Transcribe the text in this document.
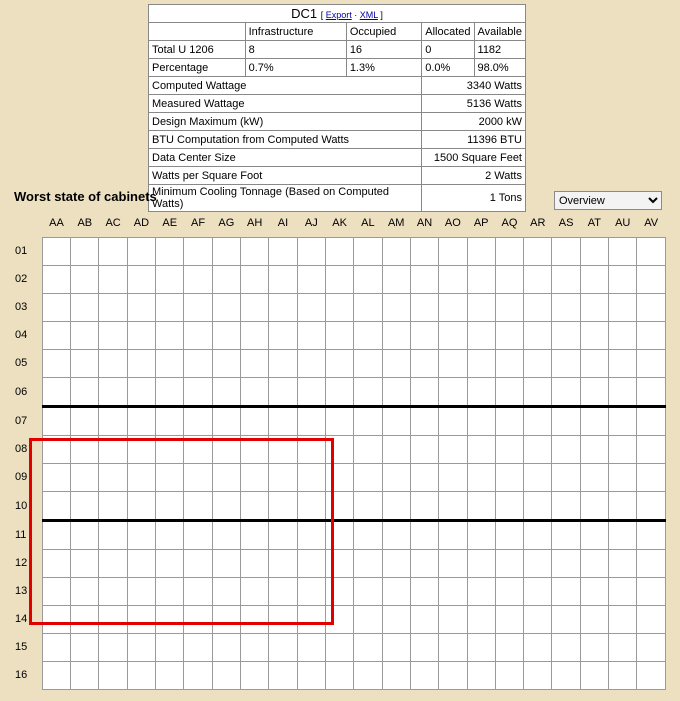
DC1 [ Export · XML ]				
	Infrastructure	Occupied	Allocated	Available
Total U 1206	8	16	0	1182
Percentage	0.7%	1.3%	0.0%	98.0%
Computed Wattage			3340 Watts	
Measured Wattage			5136 Watts	
Design Maximum (kW)			2000 kW	
BTU Computation from Computed Watts			11396 BTU	
Data Center Size			1500 Square Feet	
Watts per Square Foot			2 Watts	
Minimum Cooling Tonnage (Based on Computed Watts)			1 Tons	
Worst state of cabinets
Overview
	AA	AB	AC	AD	AE	AF	AG	AH	AI	AJ	AK	AL	AM	AN	AO	AP	AQ	AR	AS	AT	AU	AV
01																						
02																						
03																						
04																						
05																						
06																						
07																						
08																						
09																						
10																						
11																						
12																						
13																						
14																						
15																						
16																						
